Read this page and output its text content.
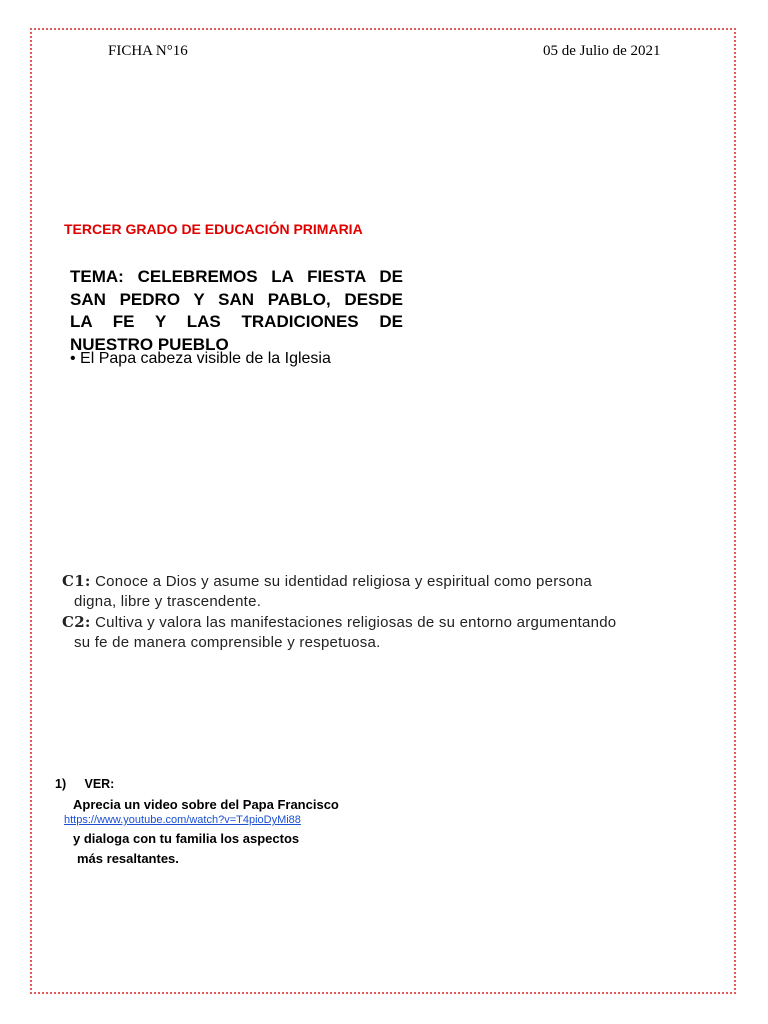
FICHA N°16	05 de Julio de 2021
TERCER GRADO DE EDUCACIÓN PRIMARIA
TEMA: CELEBREMOS LA FIESTA DE
SAN PEDRO Y SAN PABLO, DESDE
LA FE Y LAS TRADICIONES DE
NUESTRO PUEBLO
• El Papa cabeza visible de la Iglesia
C1: Conoce a Dios y asume su identidad religiosa y espiritual como persona
digna, libre y trascendente.
C2: Cultiva y valora las manifestaciones religiosas de su entorno argumentando
su fe de manera comprensible y respetuosa.
1) VER:
Aprecia un video sobre del Papa Francisco
https://www.youtube.com/watch?v=T4pioDyMi88
y dialoga con tu familia los aspectos
más resaltantes.
